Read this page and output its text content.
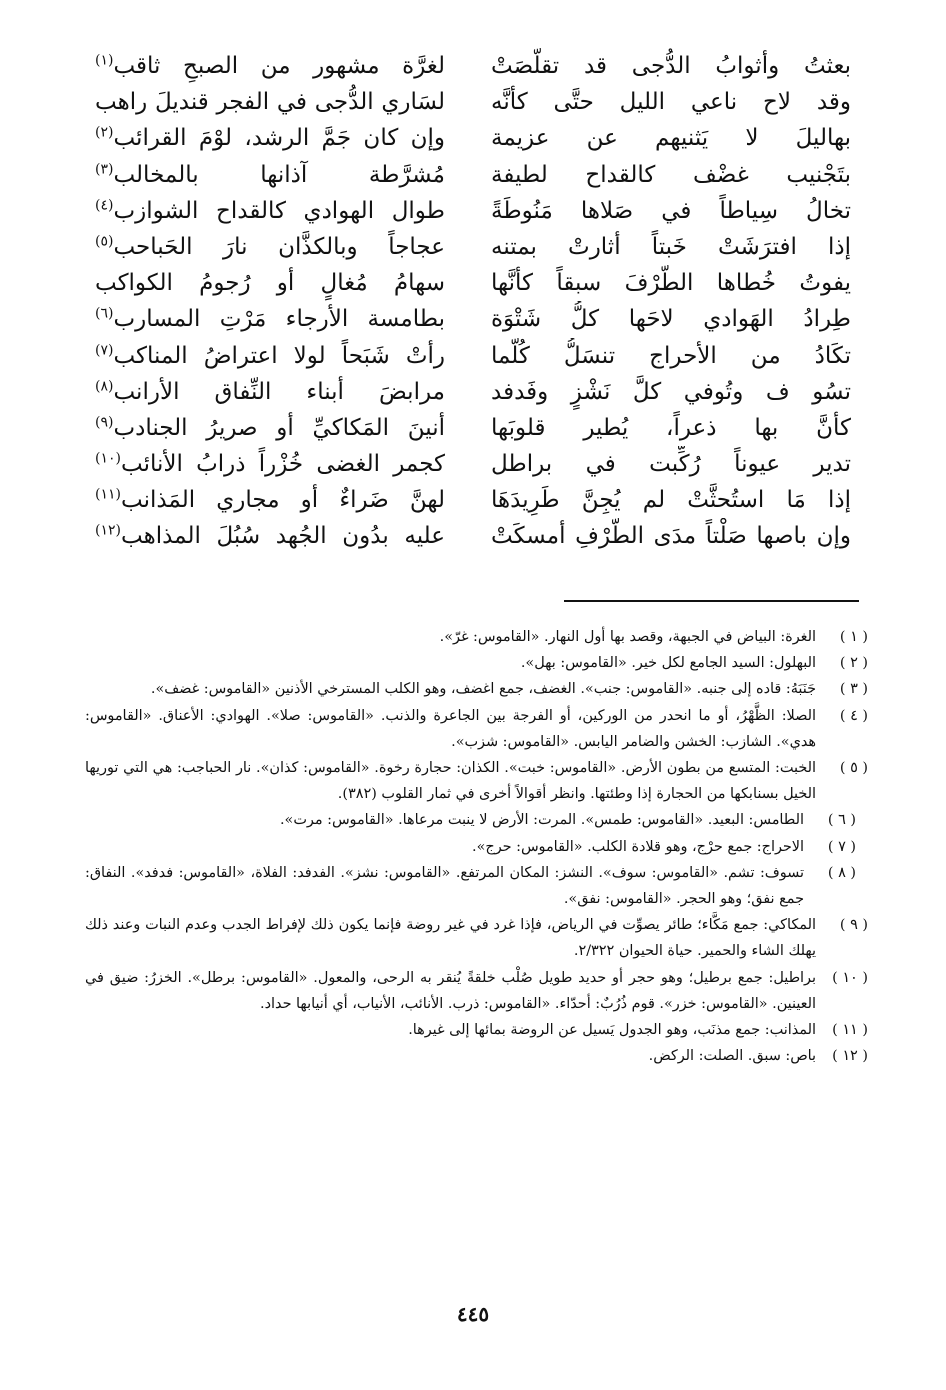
بعثتُ وأثوابُ الدُّجى قد تقلَّصَتْ
وقد لاح ناعي الليل حتَّى كأنَّه
بهاليلَ لا يَثنيهم عن عزيمة
بتَجْنيب غضْف كالقداح لطيفة
تخالُ سِياطاً في صَلاها مَنُوطَةً
إذا افترَشَتْ خَبتاً أثارتْ بمتنه
يفوتُ خُطاها الطَّرْفَ سبقاً كأنَّها
طِرادُ الهَوادي لاحَها كلُّ شَتْوَة
تكَادُ من الأحراج تنسَلُّ كُلَّما
تسُو ف وتُوفي كلَّ نَشْزٍ وفَدفد
كأنَّ بها ذعراً، يُطير قلوبَها
تدير عيوناً رُكِّبت في براطل
إذا مَا استُحثَّتْ لم يُجِنَّ طَرِيدَهَا
وإن باصها صَلْتاً مدَى الطَّرْفِ أمسكَتْ
لغرَّة مشهور من الصبحِ ثاقب$^{(١)}$
لسَاري الدُّجى في الفجر قنديلَ راهب
وإن كان جَمَّ الرشد، لوْمَ القرائب$^{(٢)}$
مُشرَّطة آذانها بالمخالب$^{(٣)}$
طوال الهوادي كالقداح الشوازب$^{(٤)}$
عجاجاً وبالكذَّان نارَ الحَباحب$^{(٥)}$
سهامُ مُغالٍ أو رُجومُ الكواكب
بطامسة الأرجاء مَرْتِ المسارب$^{(٦)}$
رأتْ شَبَحاً لولا اعتراضُ المناكب$^{(٧)}$
مرابضَ أبناء النِّفاق الأرانب$^{(٨)}$
أنينَ المَكاكيِّ أو صريرُ الجنادب$^{(٩)}$
كجمر الغضى خُزْراً ذرابُ الأنائب$^{(١٠)}$
لهنَّ ضَراءٌ أو مجاري المَذانب$^{(١١)}$
عليه بدُون الجُهد سُبُلَ المذاهب$^{(١٢)}$
( ١ )
الغرة: البياض في الجبهة، وقصد بها أول النهار. «القاموس: غرّ».
( ٢ )
البهلول: السيد الجامع لكل خير. «القاموس: بهل».
( ٣ )
جَنَبَهُ: قاده إلى جنبه. «القاموس: جنب». الغضف، جمع اغضف، وهو الكلب المسترخي الأذنين «القاموس: غضف».
( ٤ )
الصلا: الظَّهْرُ، أو ما انحدر من الوركين، أو الفرجة بين الجاعرة والذنب. «القاموس: صلا». الهوادي: الأعناق. «القاموس: هدي». الشازب: الخشن والضامر اليابس. «القاموس: شزب».
( ٥ )
الخبت: المتسع من بطون الأرض. «القاموس: خبت». الكذان: حجارة رخوة. «القاموس: كذان». نار الحباجب: هي التي توريها الخيل بسنابكها من الحجارة إذا وطئتها. وانظر أقوالاً أخرى في ثمار القلوب (٣٨٢).
( ٦ )
الطامس: البعيد. «القاموس: طمس». المرت: الأرض لا ينبت مرعاها. «القاموس: مرت».
( ٧ )
الاحراج: جمع حرْج، وهو قلادة الكلب. «القاموس: حرج».
( ٨ )
تسوف: تشم. «القاموس: سوف». النشز: المكان المرتفع. «القاموس: نشز». الفدفد: الفلاة، «القاموس: فدفد». النفاق: جمع نفق؛ وهو الحجر. «القاموس: نفق».
( ٩ )
المكاكي: جمع مَكَّاء؛ طائر يصوِّت في الرياض، فإذا غرد في غير روضة فإنما يكون ذلك لإفراط الجدب وعدم النبات وعند ذلك يهلك الشاء والحمير. حياة الحيوان ٢/٣٢٢.
( ١٠ )
براطيل: جمع برطيل؛ وهو حجر أو حديد طويل صُلْب خلقةً يُنقر به الرحى، والمعول. «القاموس: برطل». الخزرُ: ضيق في العينين. «القاموس: خزر». قوم ذُرُبٌ: أحدّاء. «القاموس: ذرب. الأنائب، الأنياب، أي أنيابها حداد.
( ١١ )
المذانب: جمع مذنَب، وهو الجدول يَسيل عن الروضة بمائها إلى غيرها.
( ١٢ )
باص: سبق. الصلت: الركض.
٤٤٥
